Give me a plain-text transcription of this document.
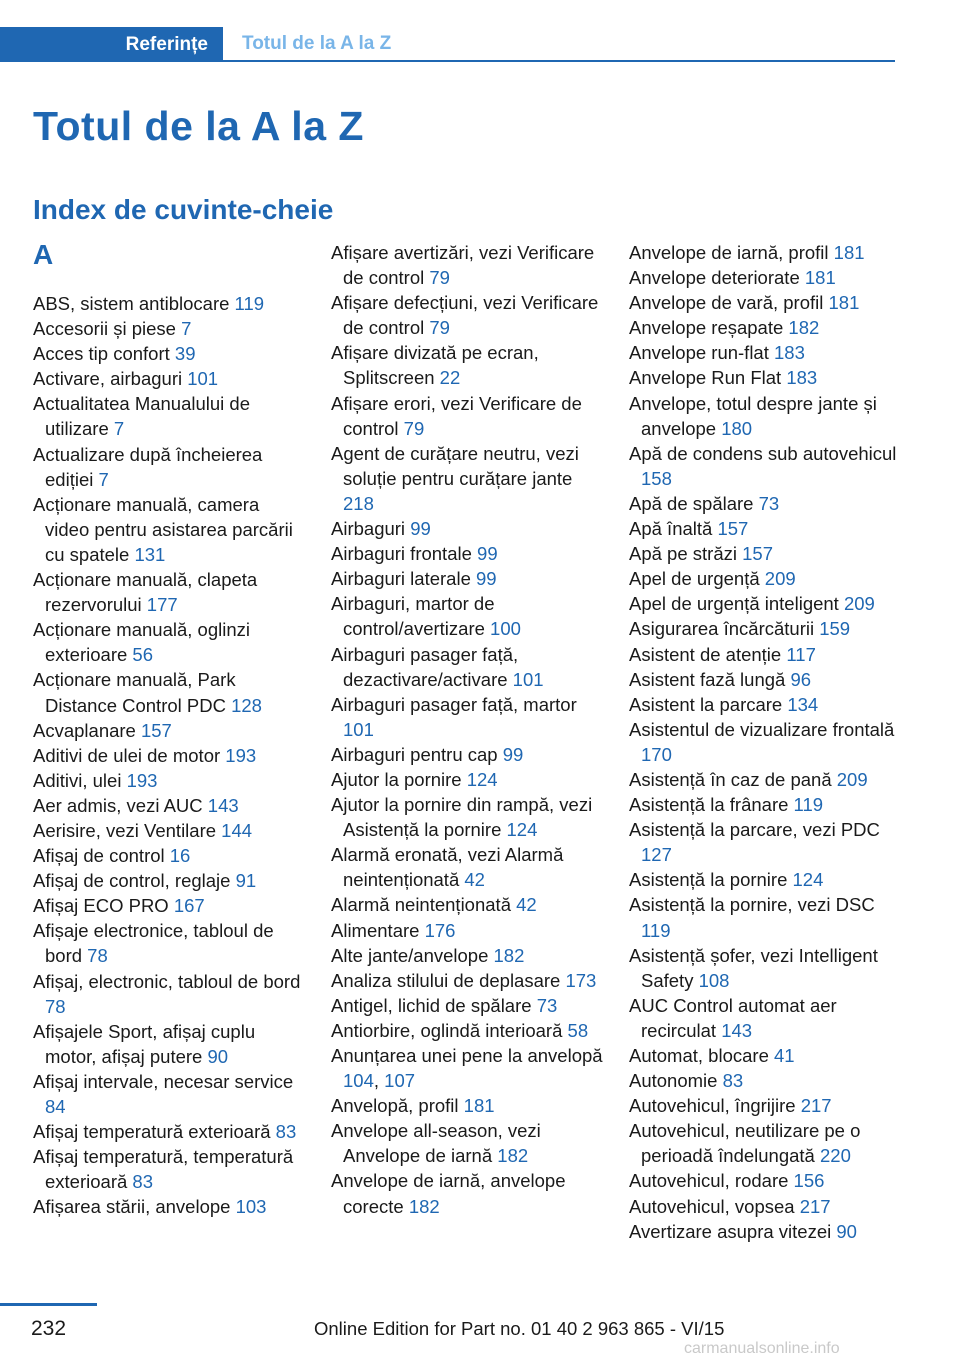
Referințe	Totul de la A la Z
Totul de la A la Z
Index de cuvinte-cheie
A
ABS, sistem antiblocare 119
Accesorii și piese 7
Acces tip confort 39
Activare, airbaguri 101
Actualitatea Manualului de utilizare 7
Actualizare după încheierea ediției 7
Acționare manuală, camera video pentru asistarea parcării cu spatele 131
Acționare manuală, clapeta rezervorului 177
Acționare manuală, oglinzi exterioare 56
Acționare manuală, Park Distance Control PDC 128
Acvaplanare 157
Aditivi de ulei de motor 193
Aditivi, ulei 193
Aer admis, vezi AUC 143
Aerisire, vezi Ventilare 144
Afișaj de control 16
Afișaj de control, reglaje 91
Afișaj ECO PRO 167
Afișaje electronice, tabloul de bord 78
Afișaj, electronic, tabloul de bord 78
Afișajele Sport, afișaj cuplu motor, afișaj putere 90
Afișaj intervale, necesar service 84
Afișaj temperatură exterioară 83
Afișaj temperatură, temperatură exterioară 83
Afișarea stării, anvelope 103
Afișare avertizări, vezi Verificare de control 79
Afișare defecțiuni, vezi Verificare de control 79
Afișare divizată pe ecran, Splitscreen 22
Afișare erori, vezi Verificare de control 79
Agent de curățare neutru, vezi soluție pentru curățare jante 218
Airbaguri 99
Airbaguri frontale 99
Airbaguri laterale 99
Airbaguri, martor de control/avertizare 100
Airbaguri pasager față, dezactivare/activare 101
Airbaguri pasager față, martor 101
Airbaguri pentru cap 99
Ajutor la pornire 124
Ajutor la pornire din rampă, vezi Asistență la pornire 124
Alarmă eronată, vezi Alarmă neintenționată 42
Alarmă neintenționată 42
Alimentare 176
Alte jante/anvelope 182
Analiza stilului de deplasare 173
Antigel, lichid de spălare 73
Antiorbire, oglindă interioară 58
Anunțarea unei pene la anvelopă 104, 107
Anvelopă, profil 181
Anvelope all-season, vezi Anvelope de iarnă 182
Anvelope de iarnă, anvelope corecte 182
Anvelope de iarnă, profil 181
Anvelope deteriorate 181
Anvelope de vară, profil 181
Anvelope reșapate 182
Anvelope run-flat 183
Anvelope Run Flat 183
Anvelope, totul despre jante și anvelope 180
Apă de condens sub autovehicul 158
Apă de spălare 73
Apă înaltă 157
Apă pe străzi 157
Apel de urgență 209
Apel de urgență inteligent 209
Asigurarea încărcăturii 159
Asistent de atenție 117
Asistent fază lungă 96
Asistent la parcare 134
Asistentul de vizualizare frontală 170
Asistență în caz de pană 209
Asistență la frânare 119
Asistență la parcare, vezi PDC 127
Asistență la pornire 124
Asistență la pornire, vezi DSC 119
Asistență șofer, vezi Intelligent Safety 108
AUC Control automat aer recirculat 143
Automat, blocare 41
Autonomie 83
Autovehicul, îngrijire 217
Autovehicul, neutilizare pe o perioadă îndelungată 220
Autovehicul, rodare 156
Autovehicul, vopsea 217
Avertizare asupra vitezei 90
232	Online Edition for Part no. 01 40 2 963 865 - VI/15
carmanualsonline.info
